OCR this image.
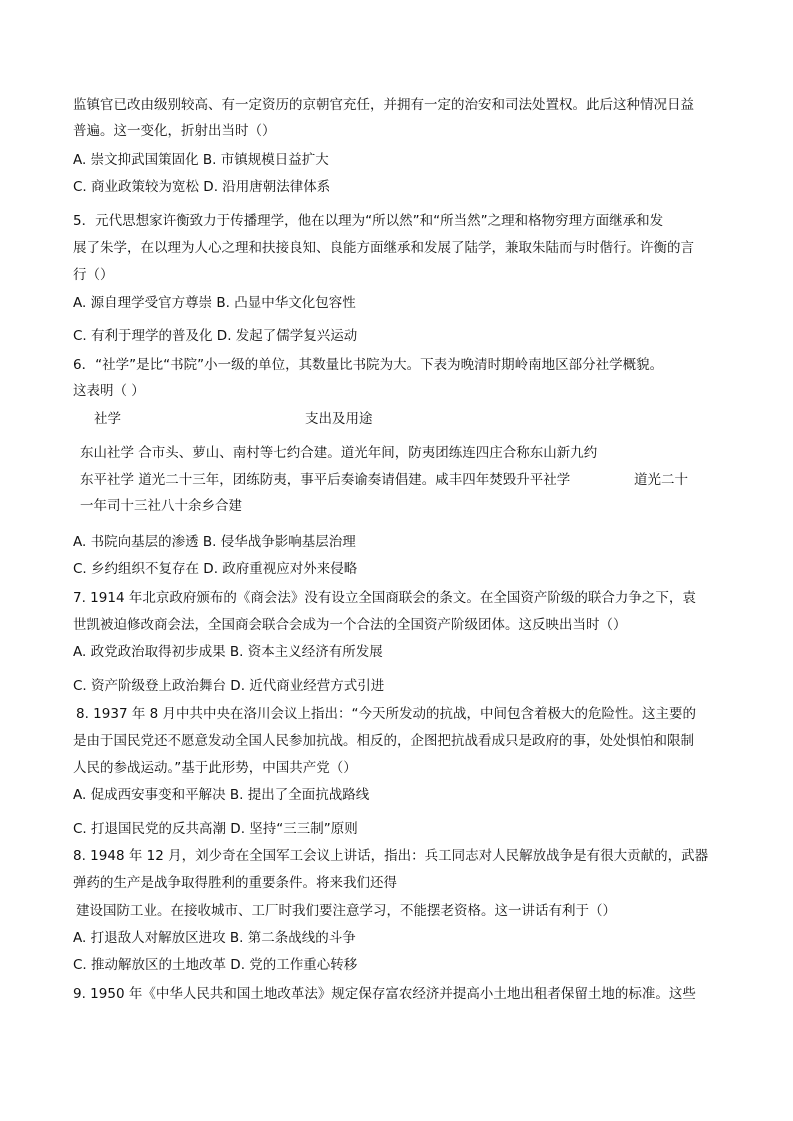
监镇官已改由级别较高、有一定资历的京朝官充任，并拥有一定的治安和司法处置权。此后这种情况日益
普遍。这一变化，折射出当时（）
A. 崇文抑武国策固化 B. 市镇规模日益扩大
C. 商业政策较为宽松 D. 沿用唐朝法律体系
5．元代思想家许衡致力于传播理学，他在以理为“所以然”和“所当然”之理和格物穷理方面继承和发
展了朱学，在以理为人心之理和扶接良知、良能方面继承和发展了陆学，兼取朱陆而与时偕行。许衡的言
行（）
A. 源自理学受官方尊崇 B. 凸显中华文化包容性
C. 有利于理学的普及化 D. 发起了儒学复兴运动
6．“社学”是比“书院”小一级的单位，其数量比书院为大。下表为晚清时期岭南地区部分社学概貌。
这表明（ ）
社学	支出及用途
东山社学 合市头、萝山、南村等七约合建。道光年间，防夷团练连四庄合称东山新九约
东平社学 道光二十三年，团练防夷，事平后奏谕奏请倡建。咸丰四年焚毁升平社学	道光二十
一年司十三社八十余乡合建
A. 书院向基层的渗透 B. 侵华战争影响基层治理
C. 乡约组织不复存在 D. 政府重视应对外来侵略
7. 1914 年北京政府颁布的《商会法》没有设立全国商联会的条文。在全国资产阶级的联合力争之下，袁
世凯被迫修改商会法，全国商会联合会成为一个合法的全国资产阶级团体。这反映出当时（）
A. 政党政治取得初步成果 B. 资本主义经济有所发展
C. 资产阶级登上政治舞台 D. 近代商业经营方式引进
8. 1937 年 8 月中共中央在洛川会议上指出：“今天所发动的抗战，中间包含着极大的危险性。这主要的
是由于国民党还不愿意发动全国人民参加抗战。相反的，企图把抗战看成只是政府的事，处处惧怕和限制
人民的参战运动。”基于此形势，中国共产党（）
A. 促成西安事变和平解决 B. 提出了全面抗战路线
C. 打退国民党的反共高潮 D. 坚持“三三制”原则
8. 1948 年 12 月，刘少奇在全国军工会议上讲话，指出：兵工同志对人民解放战争是有很大贡献的，武器
弹药的生产是战争取得胜利的重要条件。将来我们还得
建设国防工业。在接收城市、工厂时我们要注意学习，不能摆老资格。这一讲话有利于（）
A. 打退敌人对解放区进攻 B. 第二条战线的斗争
C. 推动解放区的土地改革 D. 党的工作重心转移
9. 1950 年《中华人民共和国土地改革法》规定保存富农经济并提高小土地出租者保留土地的标准。这些
